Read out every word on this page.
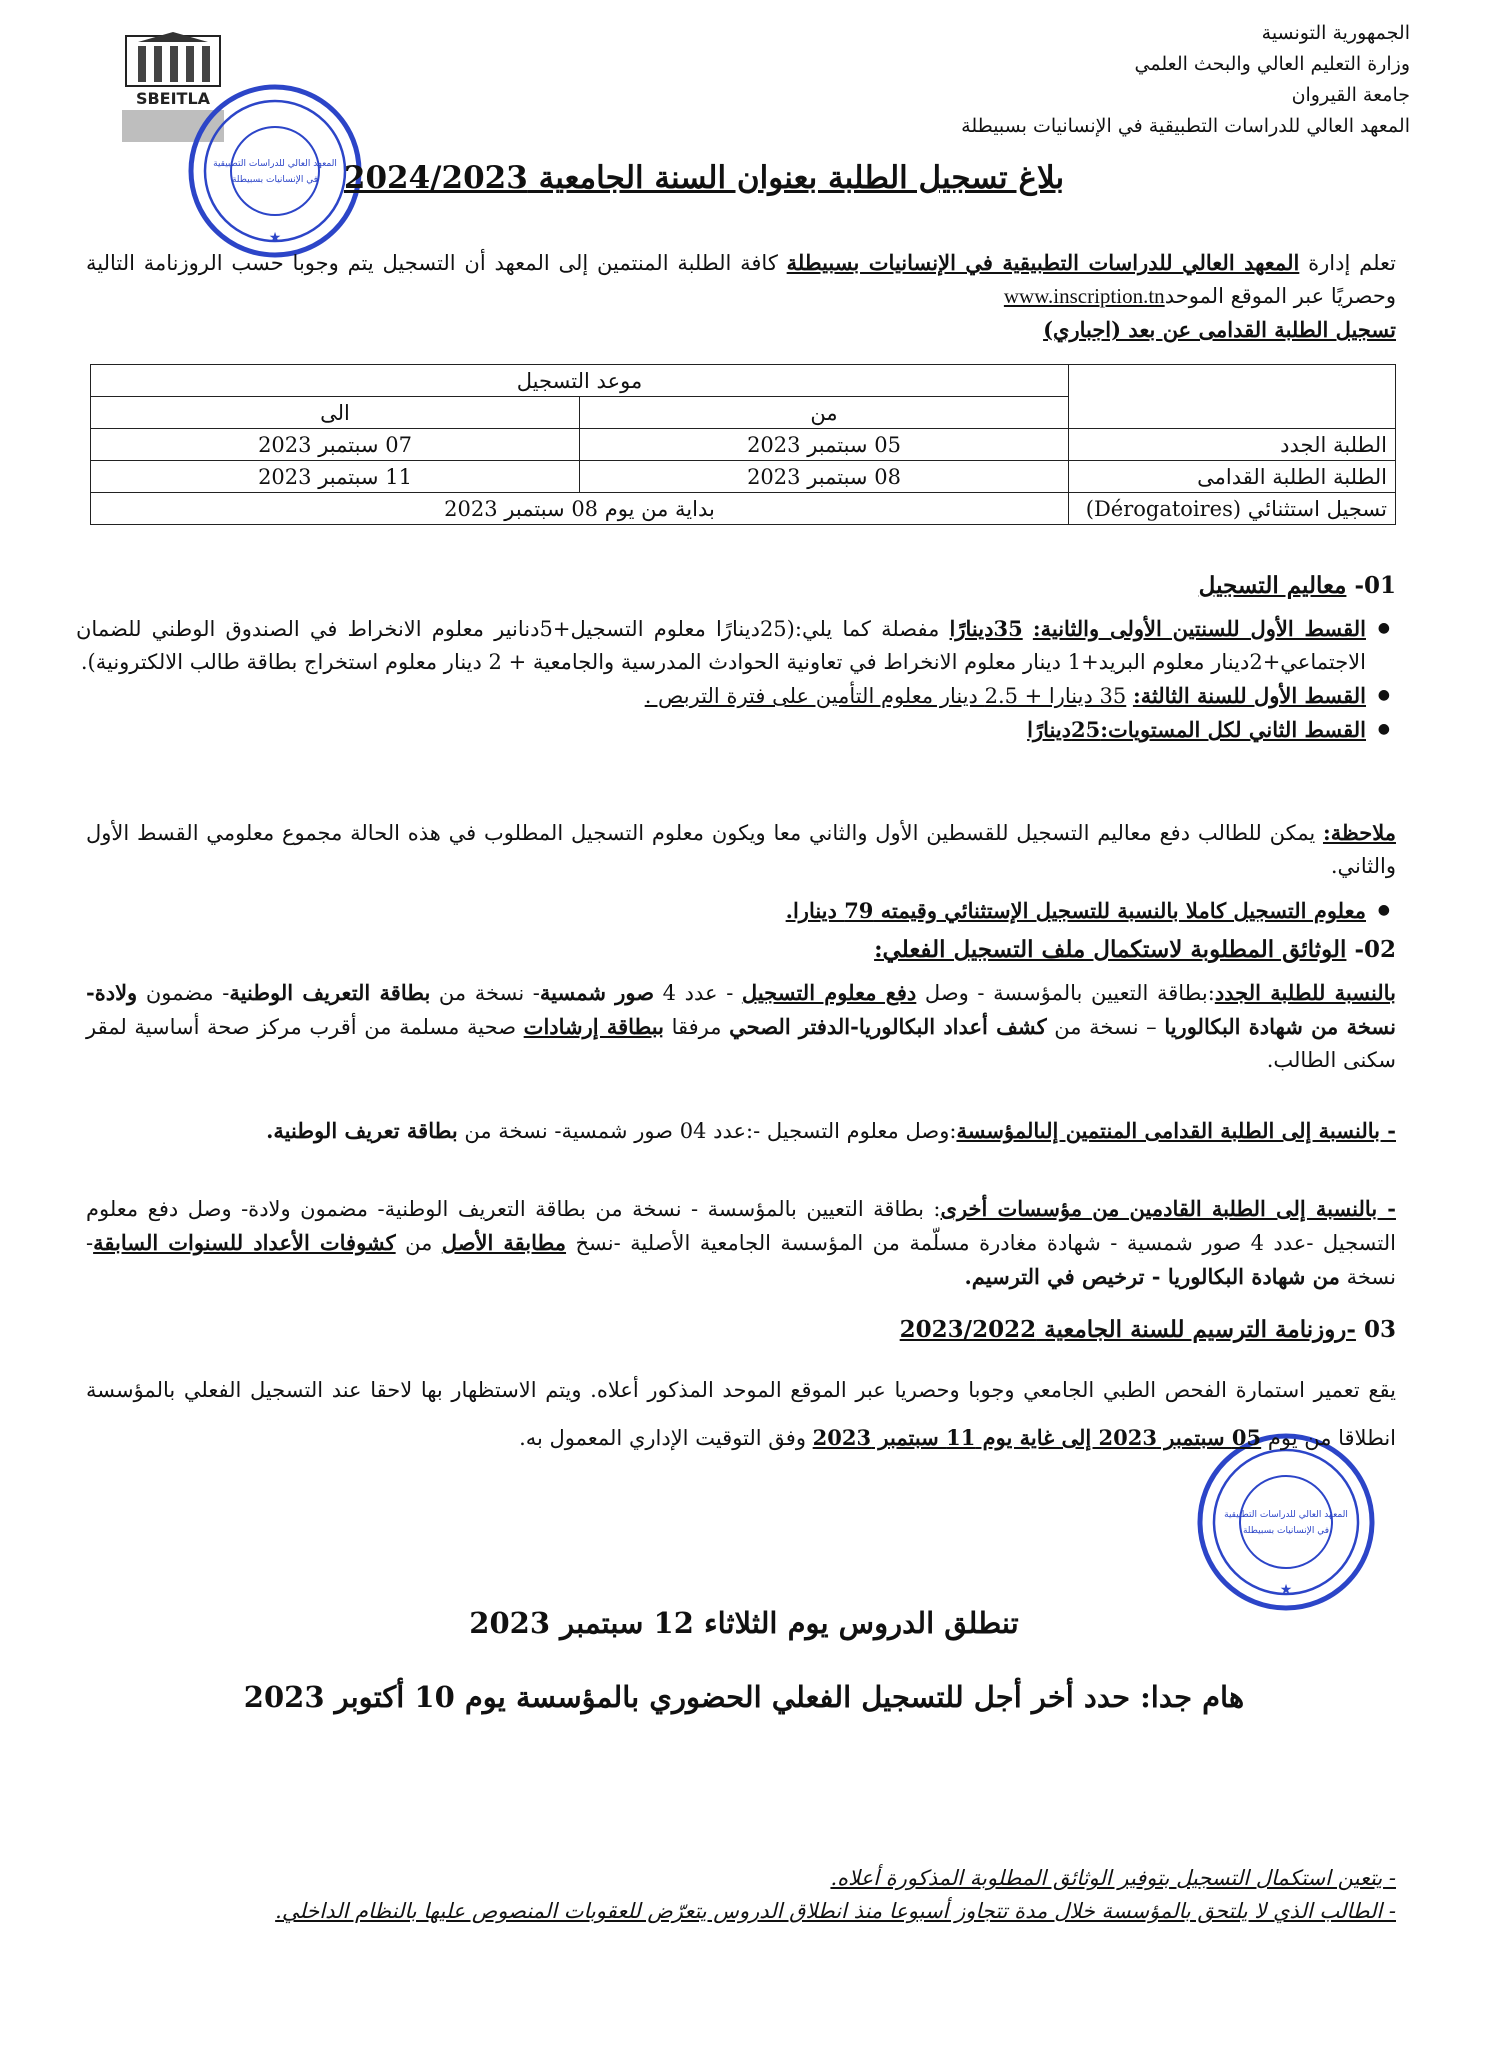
SBEITLA
المعهد العالي للدراسات التطبيقية
في الإنسانيات بسبيطلة
★
المعهد العالي للدراسات التطبيقية
في الإنسانيات بسبيطلة
★
الجمهورية التونسية
وزارة التعليم العالي والبحث العلمي
جامعة القيروان
المعهد العالي للدراسات التطبيقية في الإنسانيات بسبيطلة
بلاغ تسجيل الطلبة بعنوان السنة الجامعية 2024/2023
تعلم إدارة المعهد العالي للدراسات التطبيقية في الإنسانيات بسبيطلة كافة الطلبة المنتمين إلى المعهد أن التسجيل يتم وجوبا حسب الروزنامة التالية وحصريًا عبر الموقع الموحدwww.inscription.tn
تسجيل الطلبة القدامى عن بعد (اجباري)
	موعد التسجيل	
	من	الى
الطلبة الجدد	05 سبتمبر 2023	07 سبتمبر 2023
الطلبة الطلبة القدامى	08 سبتمبر 2023	11 سبتمبر 2023
تسجيل استثنائي (Dérogatoires)	بداية من يوم 08 سبتمبر 2023	
01- معاليم التسجيل
● القسط الأول للسنتين الأولى والثانية: 35دينارًا مفصلة كما يلي:(25دينارًا معلوم التسجيل+5دنانير معلوم الانخراط في الصندوق الوطني للضمان الاجتماعي+2دينار معلوم البريد+1 دينار معلوم الانخراط في تعاونية الحوادث المدرسية والجامعية + 2 دينار معلوم استخراج بطاقة طالب الالكترونية).
● القسط الأول للسنة الثالثة: 35 دينارا + 2.5 دينار معلوم التأمين على فترة التربص .
● القسط الثاني لكل المستويات:25دينارًا
ملاحظة: يمكن للطالب دفع معاليم التسجيل للقسطين الأول والثاني معا ويكون معلوم التسجيل المطلوب في هذه الحالة مجموع معلومي القسط الأول والثاني.
● معلوم التسجيل كاملا بالنسبة للتسجيل الإستثنائي وقيمته 79 دينارا.
02- الوثائق المطلوبة لاستكمال ملف التسجيل الفعلي:
بالنسبة للطلبة الجدد:بطاقة التعيين بالمؤسسة - وصل دفع معلوم التسجيل - عدد 4 صور شمسية- نسخة من بطاقة التعريف الوطنية- مضمون ولادة-نسخة من شهادة البكالوريا – نسخة من كشف أعداد البكالوريا-الدفتر الصحي مرفقا ببطاقة إرشادات صحية مسلمة من أقرب مركز صحة أساسية لمقر سكنى الطالب.
- بالنسبة إلى الطلبة القدامى المنتمين إلىالمؤسسة:وصل معلوم التسجيل -:عدد 04 صور شمسية- نسخة من بطاقة تعريف الوطنية.
- بالنسبة إلى الطلبة القادمين من مؤسسات أخرى: بطاقة التعيين بالمؤسسة - نسخة من بطاقة التعريف الوطنية- مضمون ولادة- وصل دفع معلوم التسجيل -عدد 4 صور شمسية - شهادة مغادرة مسلّمة من المؤسسة الجامعية الأصلية -نسخ مطابقة الأصل من كشوفات الأعداد للسنوات السابقة- نسخة من شهادة البكالوريا - ترخيص في الترسيم.
03 -روزنامة الترسيم للسنة الجامعية 2023/2022
يقع تعمير استمارة الفحص الطبي الجامعي وجوبا وحصريا عبر الموقع الموحد المذكور أعلاه. ويتم الاستظهار بها لاحقا عند التسجيل الفعلي بالمؤسسة انطلاقا من يوم 05 سبتمبر 2023 إلى غاية يوم 11 سبتمبر 2023 وفق التوقيت الإداري المعمول به.
تنطلق الدروس يوم الثلاثاء 12 سبتمبر 2023
هام جدا: حدد أخر أجل للتسجيل الفعلي الحضوري بالمؤسسة يوم 10 أكتوبر 2023
- يتعين استكمال التسجيل بتوفير الوثائق المطلوبة المذكورة أعلاه.
- الطالب الذي لا يلتحق بالمؤسسة خلال مدة تتجاوز أسبوعا منذ انطلاق الدروس يتعرّض للعقوبات المنصوص عليها بالنظام الداخلي.
